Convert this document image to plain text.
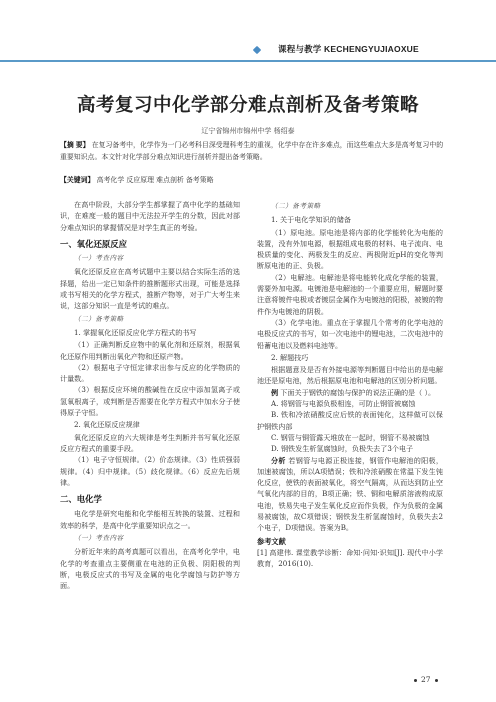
课程与教学 KECHENGYUJIAOXUE
高考复习中化学部分难点剖析及备考策略
辽宁省锦州市锦州中学 杨绍泰
【摘 要】 在复习备考中，化学作为一门必考科目深受理科考生的重视，化学中存在许多难点，而这些难点大多是高考复习中的重要知识点。本文针对化学部分难点知识进行剖析并提出备考策略。
【关键词】 高考化学 反应原理 难点剖析 备考策略

在高中阶段，大部分学生都掌握了高中化学的基础知识，在难度一般的题目中无法拉开学生的分数，因此对部分难点知识的掌握情况是对学生真正的考验。

一、氧化还原反应
（一）考查内容

氧化还原反应在高考试题中主要以结合实际生活的选择题，给出一定已知条件的推断题形式出现，可能是选择或书写相关的化学方程式，推断产物等，对于广大考生来说，这部分知识一直是考试的难点。

（二）备考策略
1. 掌握氧化还原反应化学方程式的书写

（1）正确判断反应物中的氧化剂和还原剂，根据氧化还原作用判断出氧化产物和还原产物。

（2）根据电子守恒定律求出参与反应的化学物质的计量数。

（3）根据反应环境的酸碱性在反应中添加氢离子或氢氧根离子，或判断是否需要在化学方程式中加水分子使得原子守恒。

2. 氧化还原反应规律

氧化还原反应的六大规律是考生判断并书写氧化还原反应方程式的重要手段。

（1）电子守恒规律。（2）价态规律。（3）性质强弱规律。（4）归中规律。（5）歧化规律。（6）反应先后规律。

二、电化学

电化学是研究电能和化学能相互转换的装置、过程和效率的科学，是高中化学重要知识点之一。

（一）考查内容

分析近年来的高考真题可以看出，在高考化学中，电化学的考查重点主要侧重在电池的正负极、阴阳极的判断，电极反应式的书写及金属的电化学腐蚀与防护等方面。

（二）备考策略
1. 关于电化学知识的储备

（1）原电池。原电池是将内部的化学能转化为电能的装置，没有外加电源，根据组成电极的材料、电子流向、电极质量的变化、两极发生的反应、两极附近pH的变化等判断原电池的正、负极。

（2）电解池。电解池是将电能转化成化学能的装置，需要外加电源。电镀池是电解池的一个重要应用，解题时要注意将镀件电极或者镀层金属作为电镀池的阳极，被镀的物件作为电镀池的阴极。

（3）化学电池。重点在于掌握几个常考的化学电池的电极反应式的书写，如一次电池中的锂电池，二次电池中的铅蓄电池以及燃料电池等。

2. 解题技巧

根据题意及是否有外接电源等判断题目中给出的是电解池还是原电池，然后根据原电池和电解池的区别分析问题。

例 下面关于钢铁的腐蚀与保护的说法正确的是（ ）。

A. 将钢管与电源负极相连，可防止钢管被腐蚀

B. 铁和冷浓硝酸反应后铁的表面钝化，这样做可以保护钢铁内部

C. 钢管与铜管露天堆放在一起时，钢管不易被腐蚀

D. 钢铁发生析氢腐蚀时，负极失去了3个电子

分析 若钢管与电源正极连接，钢管作电解池的阳极，加速被腐蚀，所以A项错误；铁和冷浓硝酸在常温下发生钝化反应，使铁的表面被氧化，将空气隔离，从而达到防止空气氧化内部的目的，B项正确；铁、铜和电解质溶液构成原电池，铁易失电子发生氧化反应而作负极，作为负极的金属易被腐蚀，故C项错误；钢铁发生析氢腐蚀时，负极失去2个电子，D项错误。答案为B。

参考文献

[1] 高建伟. 课堂教学诊断：命知·问知·识知[J]. 现代中小学教育，2016(10).

27
